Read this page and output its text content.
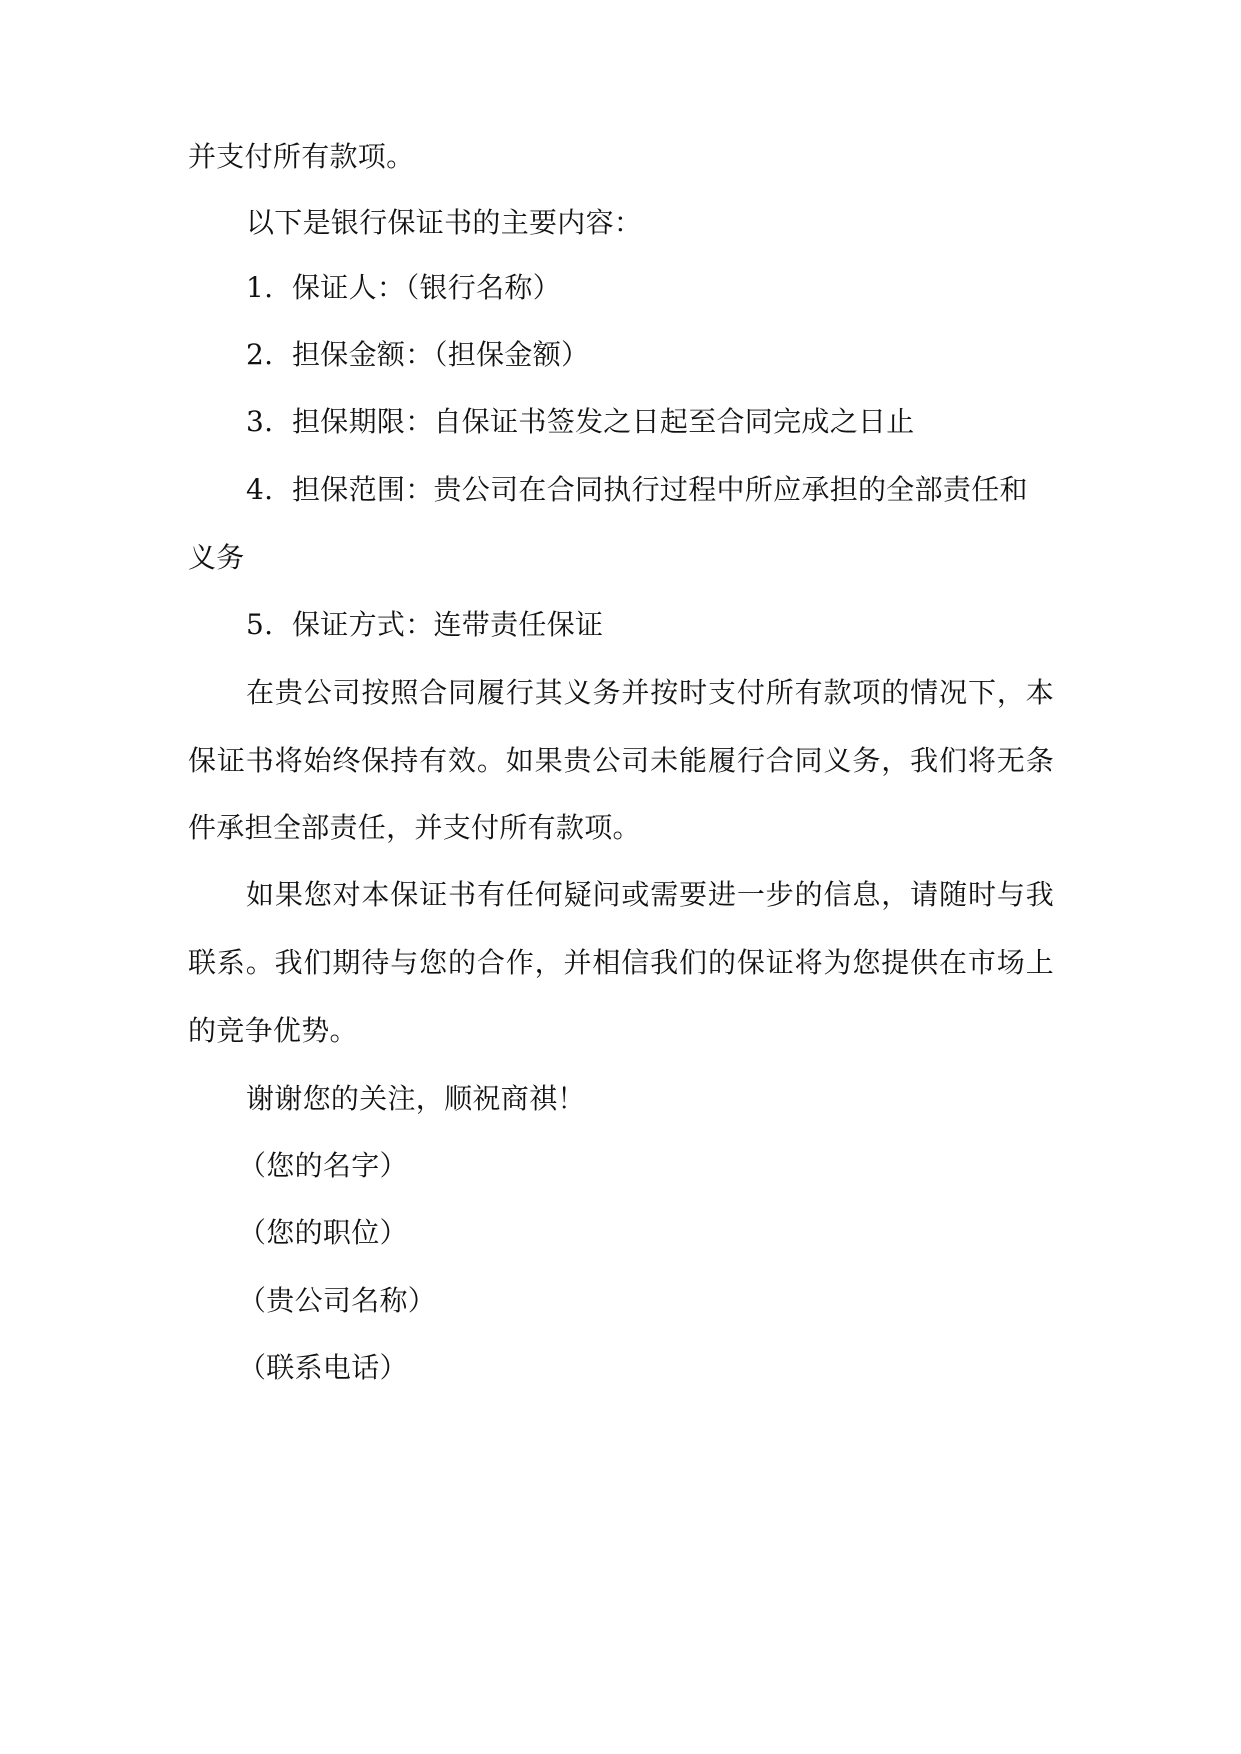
并支付所有款项。
以下是银行保证书的主要内容：
1. 保证人：（银行名称）
2. 担保金额：（担保金额）
3. 担保期限：自保证书签发之日起至合同完成之日止
4. 担保范围：贵公司在合同执行过程中所应承担的全部责任和
义务
5. 保证方式：连带责任保证
在贵公司按照合同履行其义务并按时支付所有款项的情况下，本
保证书将始终保持有效。如果贵公司未能履行合同义务，我们将无条
件承担全部责任，并支付所有款项。
如果您对本保证书有任何疑问或需要进一步的信息，请随时与我
联系。我们期待与您的合作，并相信我们的保证将为您提供在市场上
的竞争优势。
谢谢您的关注，顺祝商祺！
（您的名字）
（您的职位）
（贵公司名称）
（联系电话）
